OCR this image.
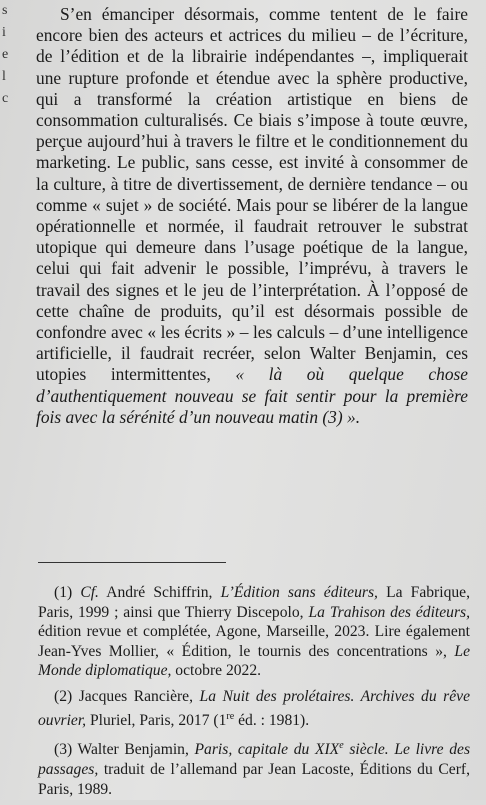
s
i
e
l
c

S’en émanciper désormais, comme tentent de le faire encore bien des acteurs et actrices du milieu – de l’écriture, de l’édition et de la librairie indépendantes –, impliquerait une rupture profonde et étendue avec la sphère productive, qui a transformé la création artistique en biens de consommation culturalisés. Ce biais s’impose à toute œuvre, perçue aujourd’hui à travers le filtre et le conditionnement du marketing. Le public, sans cesse, est invité à consommer de la culture, à titre de divertissement, de dernière tendance – ou comme « sujet » de société. Mais pour se libérer de la langue opérationnelle et normée, il faudrait retrouver le substrat utopique qui demeure dans l’usage poétique de la langue, celui qui fait advenir le possible, l’imprévu, à travers le travail des signes et le jeu de l’interprétation. À l’opposé de cette chaîne de produits, qu’il est désormais possible de confondre avec « les écrits » – les calculs – d’une intelligence artificielle, il faudrait recréer, selon Walter Benjamin, ces utopies intermittentes, « là où quelque chose d’authentiquement nouveau se fait sentir pour la première fois avec la sérénité d’un nouveau matin (3) ».

(1) Cf. André Schiffrin, L’Édition sans éditeurs, La Fabrique, Paris, 1999 ; ainsi que Thierry Discepolo, La Trahison des éditeurs, édition revue et complétée, Agone, Marseille, 2023. Lire également Jean-Yves Mollier, « Édition, le tournis des concentrations », Le Monde diplomatique, octobre 2022.

(2) Jacques Rancière, La Nuit des prolétaires. Archives du rêve ouvrier, Pluriel, Paris, 2017 (1re éd. : 1981).

(3) Walter Benjamin, Paris, capitale du XIXe siècle. Le livre des passages, traduit de l’allemand par Jean Lacoste, Éditions du Cerf, Paris, 1989.
